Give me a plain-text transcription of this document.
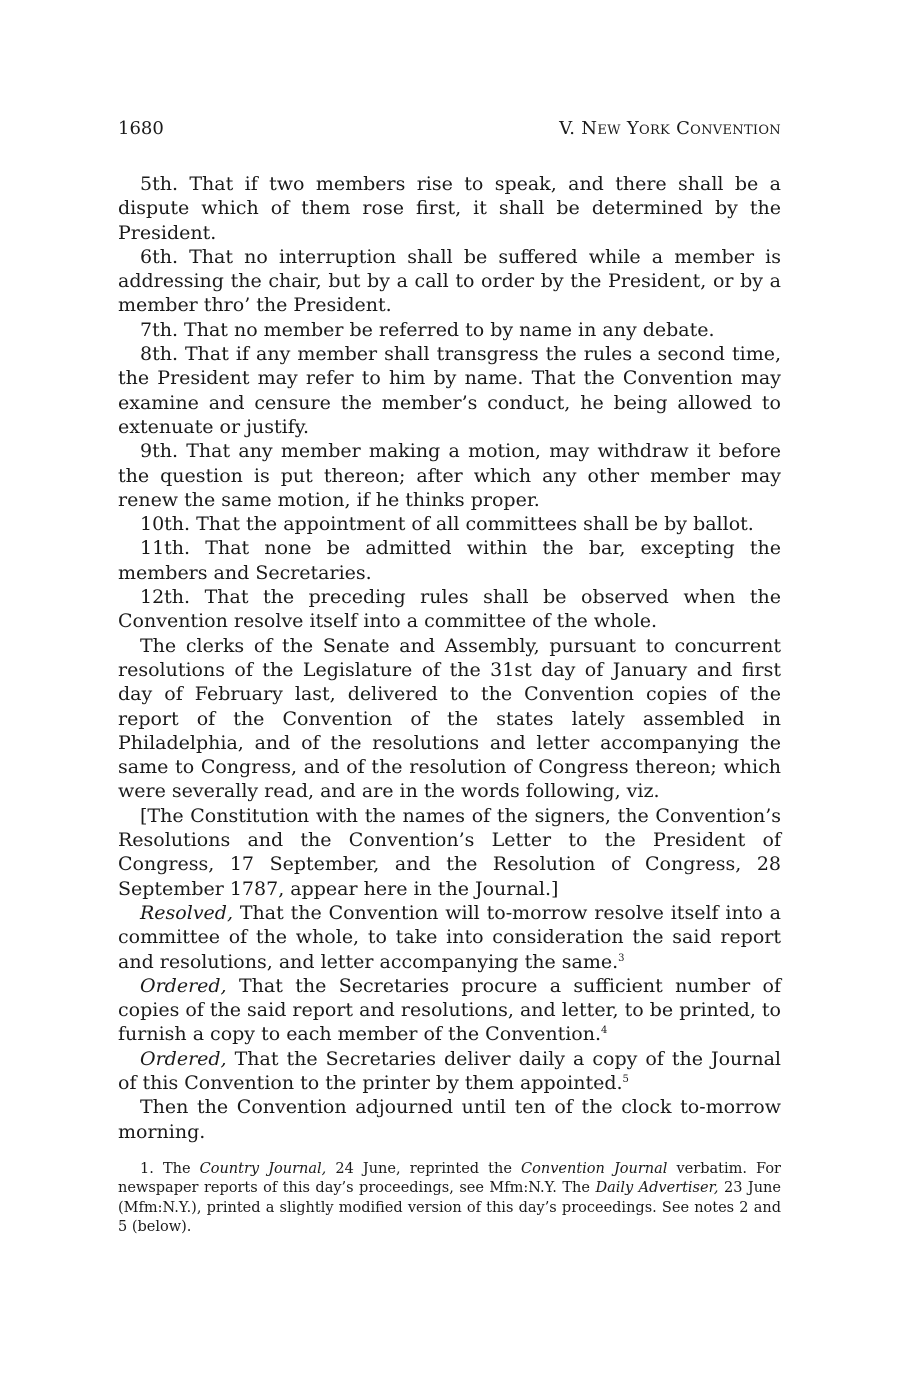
1680	V. New York Convention

5th. That if two members rise to speak, and there shall be a dispute which of them rose first, it shall be determined by the President.

6th. That no interruption shall be suffered while a member is addressing the chair, but by a call to order by the President, or by a member thro’ the President.

7th. That no member be referred to by name in any debate.

8th. That if any member shall transgress the rules a second time, the President may refer to him by name. That the Convention may examine and censure the member’s conduct, he being allowed to extenuate or justify.

9th. That any member making a motion, may withdraw it before the question is put thereon; after which any other member may renew the same motion, if he thinks proper.

10th. That the appointment of all committees shall be by ballot.

11th. That none be admitted within the bar, excepting the members and Secretaries.

12th. That the preceding rules shall be observed when the Convention resolve itself into a committee of the whole.

The clerks of the Senate and Assembly, pursuant to concurrent resolutions of the Legislature of the 31st day of January and first day of February last, delivered to the Convention copies of the report of the Convention of the states lately assembled in Philadelphia, and of the resolutions and letter accompanying the same to Congress, and of the resolution of Congress thereon; which were severally read, and are in the words following, viz.

[The Constitution with the names of the signers, the Convention’s Resolutions and the Convention’s Letter to the President of Congress, 17 September, and the Resolution of Congress, 28 September 1787, appear here in the Journal.]

Resolved, That the Convention will to-morrow resolve itself into a committee of the whole, to take into consideration the said report and resolutions, and letter accompanying the same.$^3$

Ordered, That the Secretaries procure a sufficient number of copies of the said report and resolutions, and letter, to be printed, to furnish a copy to each member of the Convention.$^4$

Ordered, That the Secretaries deliver daily a copy of the Journal of this Convention to the printer by them appointed.$^5$

Then the Convention adjourned until ten of the clock to-morrow morning.

1. The Country Journal, 24 June, reprinted the Convention Journal verbatim. For newspaper reports of this day’s proceedings, see Mfm:N.Y. The Daily Advertiser, 23 June (Mfm:N.Y.), printed a slightly modified version of this day’s proceedings. See notes 2 and 5 (below).
